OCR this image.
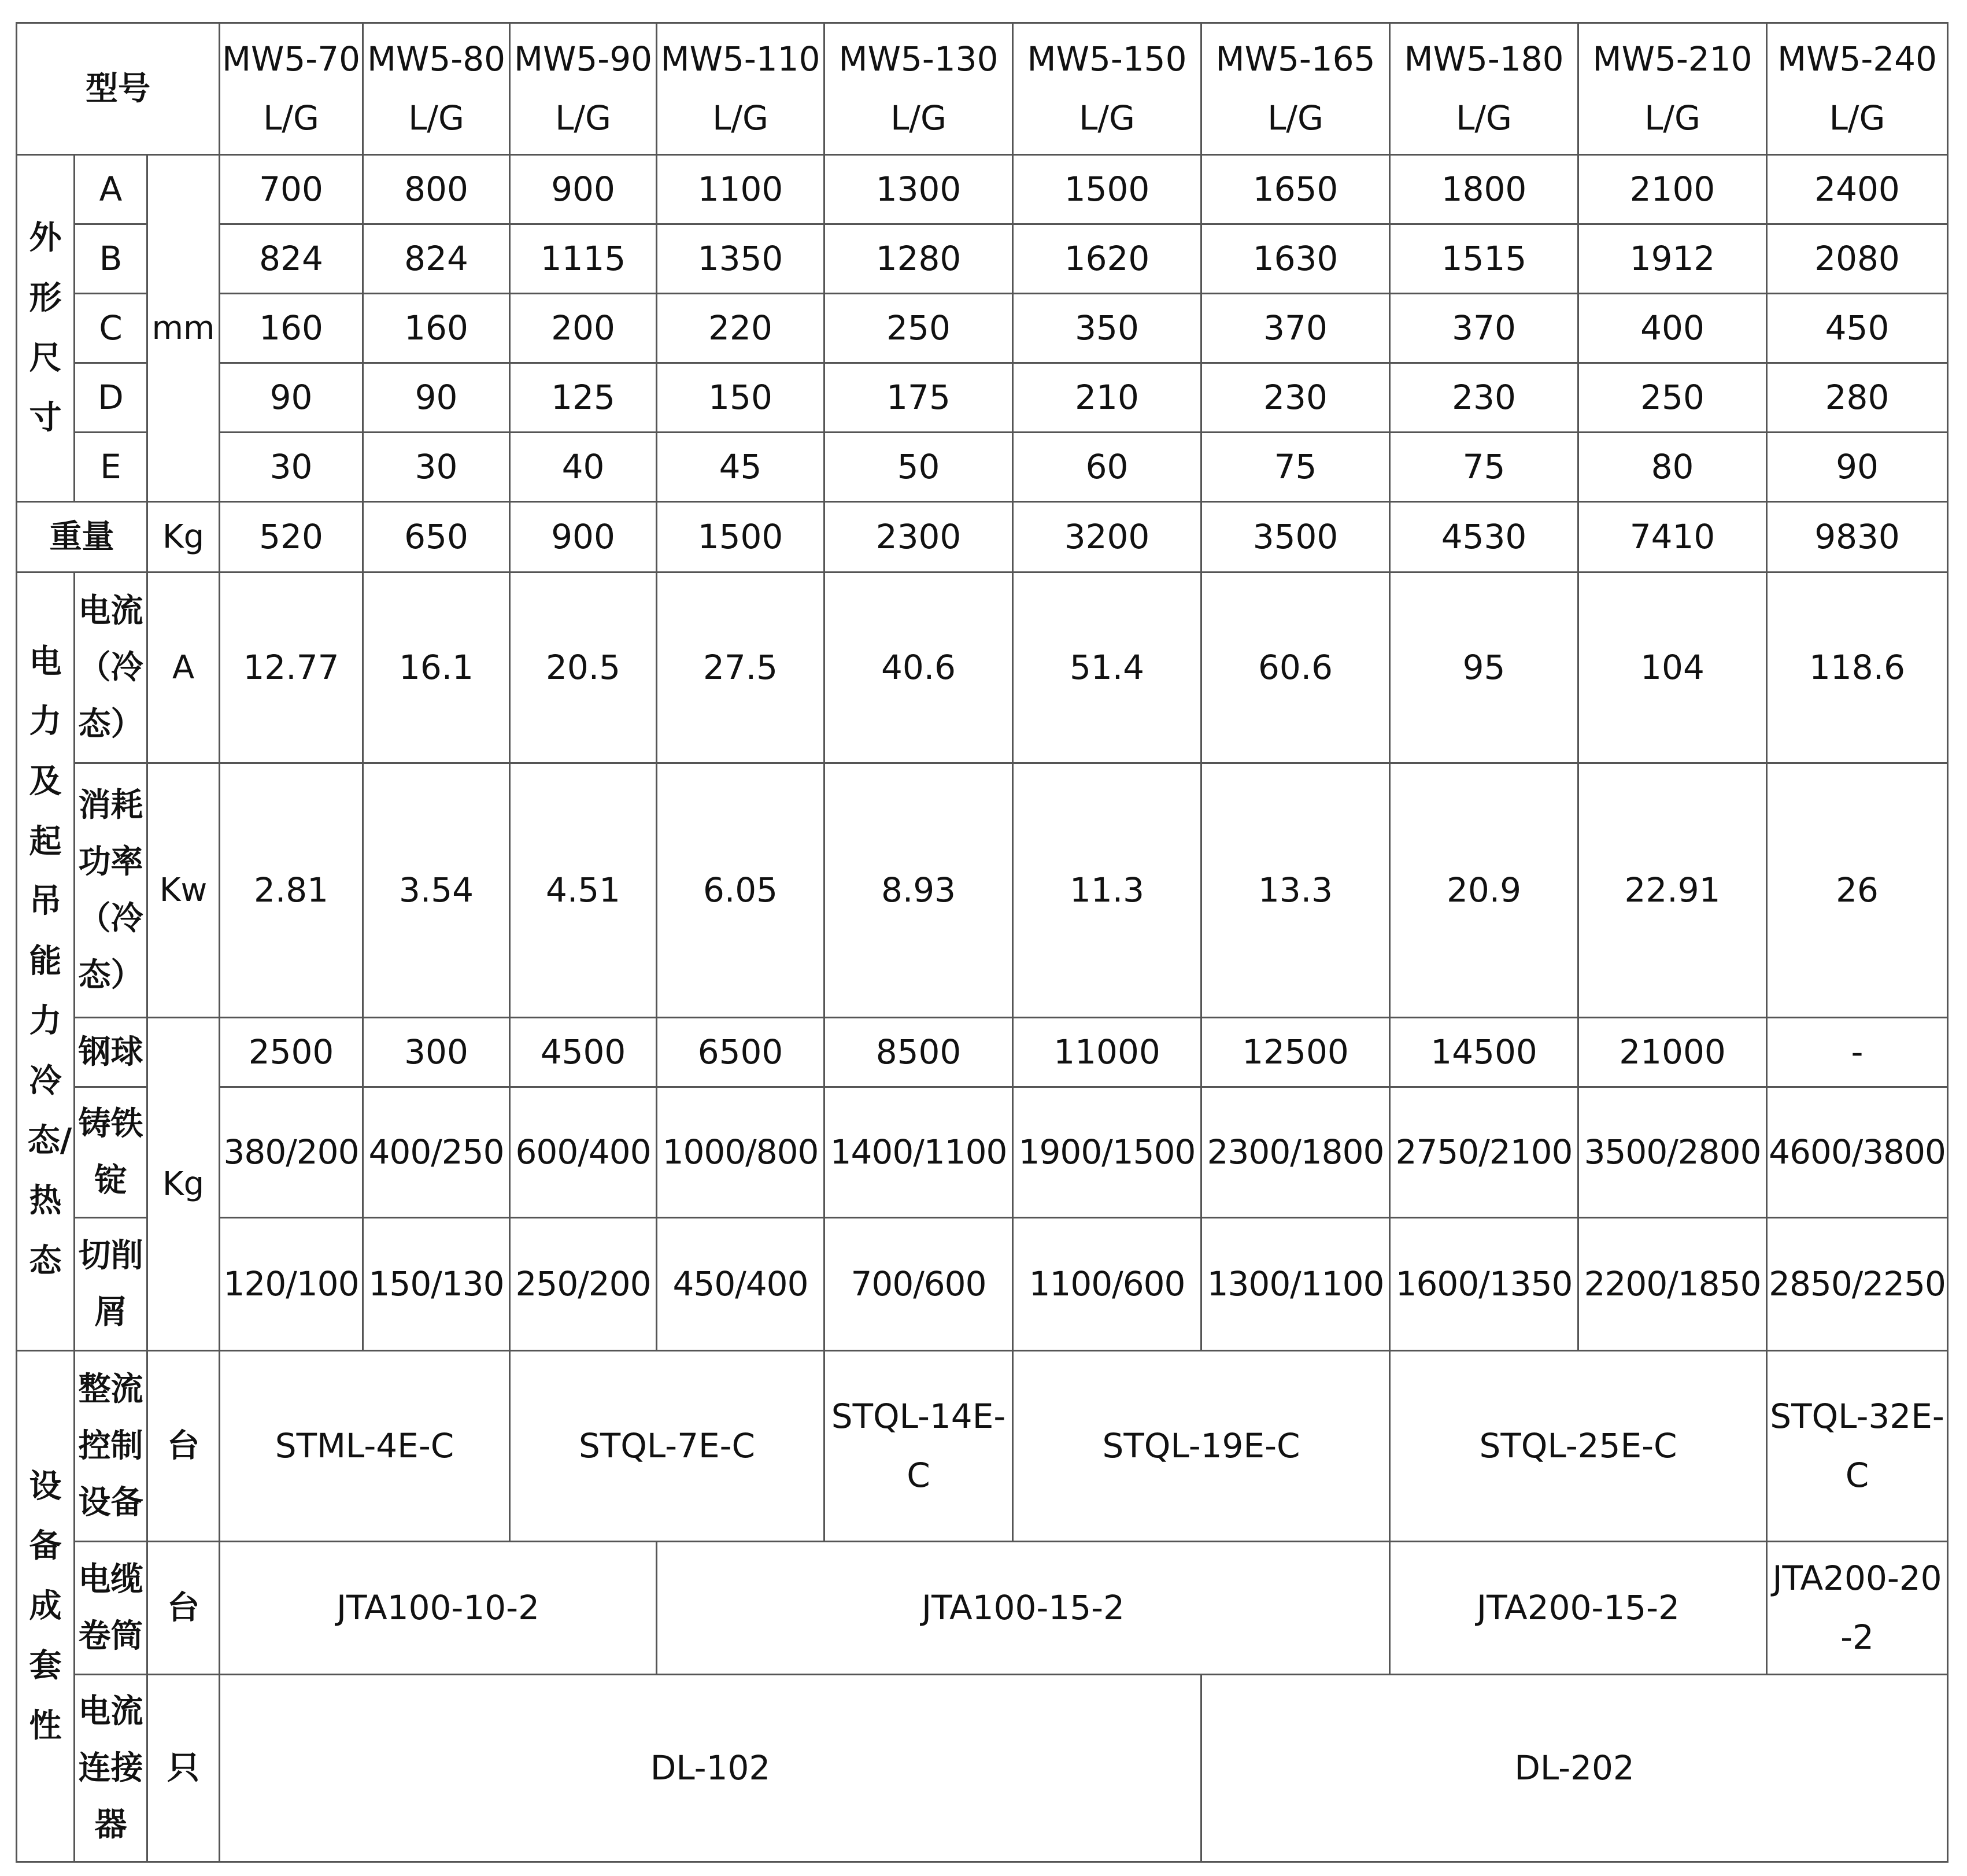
型号			MW5-70L/G	MW5-80L/G	MW5-90L/G	MW5-110L/G	MW5-130L/G	MW5-150L/G	MW5-165L/G	MW5-180L/G	MW5-210L/G	MW5-240L/G

外形尺寸	A	mm	700	800	900	1100	1300	1500	1650	1800	2100	2400
	B		824	824	1115	1350	1280	1620	1630	1515	1912	2080
	C		160	160	200	220	250	350	370	370	400	450
	D		90	90	125	150	175	210	230	230	250	280
	E		30	30	40	45	50	60	75	75	80	90
重量		Kg	520	650	900	1500	2300	3200	3500	4530	7410	9830

电力及起吊能力冷态/热态	电流（冷态）	A	12.77	16.1	20.5	27.5	40.6	51.4	60.6	95	104	118.6
	消耗功率（冷态）	Kw	2.81	3.54	4.51	6.05	8.93	11.3	13.3	20.9	22.91	26
	钢球	Kg	2500	300	4500	6500	8500	11000	12500	14500	21000	-
	铸铁锭		380/200	400/250	600/400	1000/800	1400/1100	1900/1500	2300/1800	2750/2100	3500/2800	4600/3800
	切削屑		120/100	150/130	250/200	450/400	700/600	1100/600	1300/1100	1600/1350	2200/1850	2850/2250

设备成套性	整流控制设备	台	STML-4E-C		STQL-7E-C		STQL-14E-C	STQL-19E-C		STQL-25E-C		STQL-32E-C
	电缆卷筒	台	JTA100-10-2			JTA100-15-2				JTA200-15-2		JTA200-20-2
	电流连接器	只	DL-102						DL-202			
